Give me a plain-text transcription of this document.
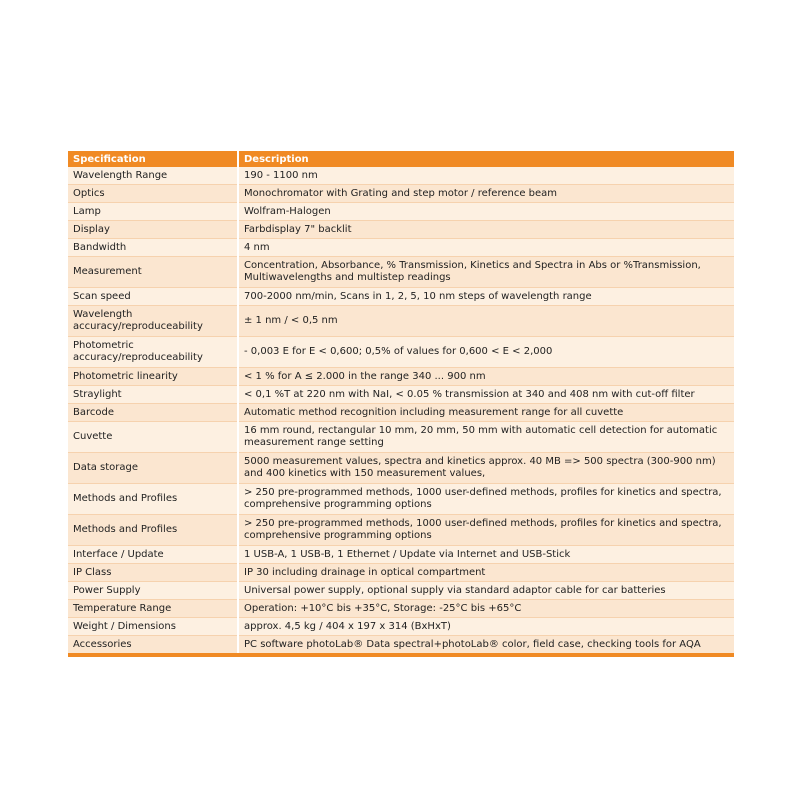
Specification	Description
Wavelength Range	190 - 1100 nm
Optics	Monochromator with Grating and step motor / reference beam
Lamp	Wolfram-Halogen
Display	Farbdisplay 7" backlit
Bandwidth	4 nm
Measurement	Concentration, Absorbance, % Transmission, Kinetics and Spectra in Abs or %Transmission, Multiwavelengths and multistep readings
Scan speed	700-2000 nm/min, Scans in 1, 2, 5, 10 nm steps of wavelength range
Wavelength accuracy/reproduceability	± 1 nm / < 0,5 nm
Photometric accuracy/reproduceability	- 0,003 E for E < 0,600; 0,5% of values for 0,600 < E < 2,000
Photometric linearity	< 1 % for A ≤ 2.000 in the range 340 ... 900 nm
Straylight	< 0,1 %T at 220 nm with NaI, < 0.05 % transmission at 340 and 408 nm with cut-off filter
Barcode	Automatic method recognition including measurement range for all cuvette
Cuvette	16 mm round, rectangular 10 mm, 20 mm, 50 mm with automatic cell detection for automatic measurement range setting
Data storage	5000 measurement values, spectra and kinetics approx. 40 MB => 500 spectra (300-900 nm) and 400 kinetics with 150 measurement values,
Methods and Profiles	> 250 pre-programmed methods, 1000 user-defined methods, profiles for kinetics and spectra, comprehensive programming options
Methods and Profiles	> 250 pre-programmed methods, 1000 user-defined methods, profiles for kinetics and spectra, comprehensive programming options
Interface / Update	1 USB-A, 1 USB-B, 1 Ethernet / Update via Internet and USB-Stick
IP Class	IP 30 including drainage in optical compartment
Power Supply	Universal power supply, optional supply via standard adaptor cable for car batteries
Temperature Range	Operation: +10°C bis +35°C, Storage: -25°C bis +65°C
Weight / Dimensions	approx. 4,5 kg / 404 x 197 x 314 (BxHxT)
Accessories	PC software photoLab® Data spectral+photoLab® color, field case, checking tools for AQA
